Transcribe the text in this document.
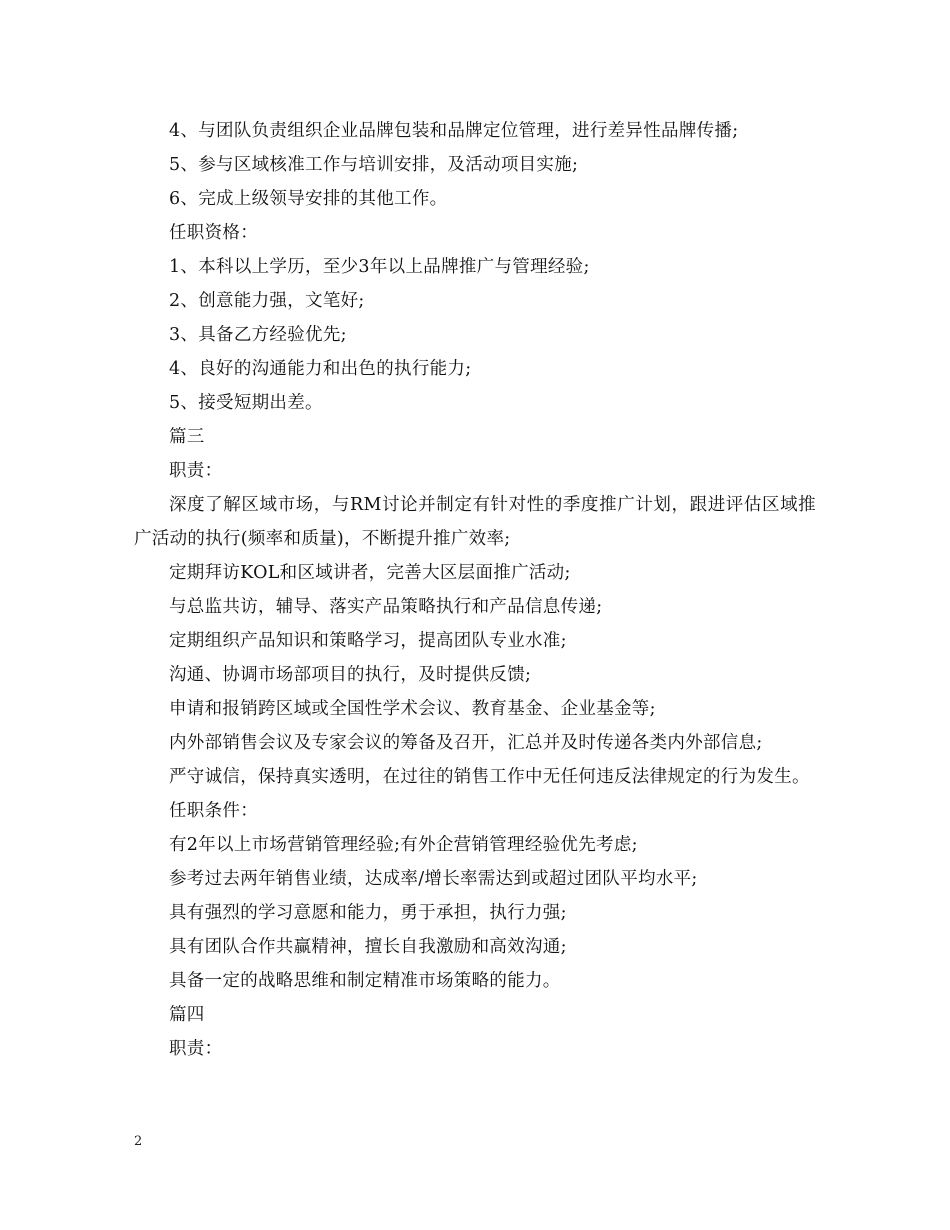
4、与团队负责组织企业品牌包装和品牌定位管理，进行差异性品牌传播;

5、参与区域核准工作与培训安排，及活动项目实施;

6、完成上级领导安排的其他工作。

任职资格：

1、本科以上学历，至少3年以上品牌推广与管理经验;

2、创意能力强，文笔好;

3、具备乙方经验优先;

4、良好的沟通能力和出色的执行能力;

5、接受短期出差。

篇三

职责：

深度了解区域市场，与RM讨论并制定有针对性的季度推广计划，跟进评估区域推广活动的执行(频率和质量)，不断提升推广效率;

定期拜访KOL和区域讲者，完善大区层面推广活动;

与总监共访，辅导、落实产品策略执行和产品信息传递;

定期组织产品知识和策略学习，提高团队专业水准;

沟通、协调市场部项目的执行，及时提供反馈;

申请和报销跨区域或全国性学术会议、教育基金、企业基金等;

内外部销售会议及专家会议的筹备及召开，汇总并及时传递各类内外部信息;

严守诚信，保持真实透明，在过往的销售工作中无任何违反法律规定的行为发生。

任职条件：

有2年以上市场营销管理经验;有外企营销管理经验优先考虑;

参考过去两年销售业绩，达成率/增长率需达到或超过团队平均水平;

具有强烈的学习意愿和能力，勇于承担，执行力强;

具有团队合作共赢精神，擅长自我激励和高效沟通;

具备一定的战略思维和制定精准市场策略的能力。

篇四

职责：

2
